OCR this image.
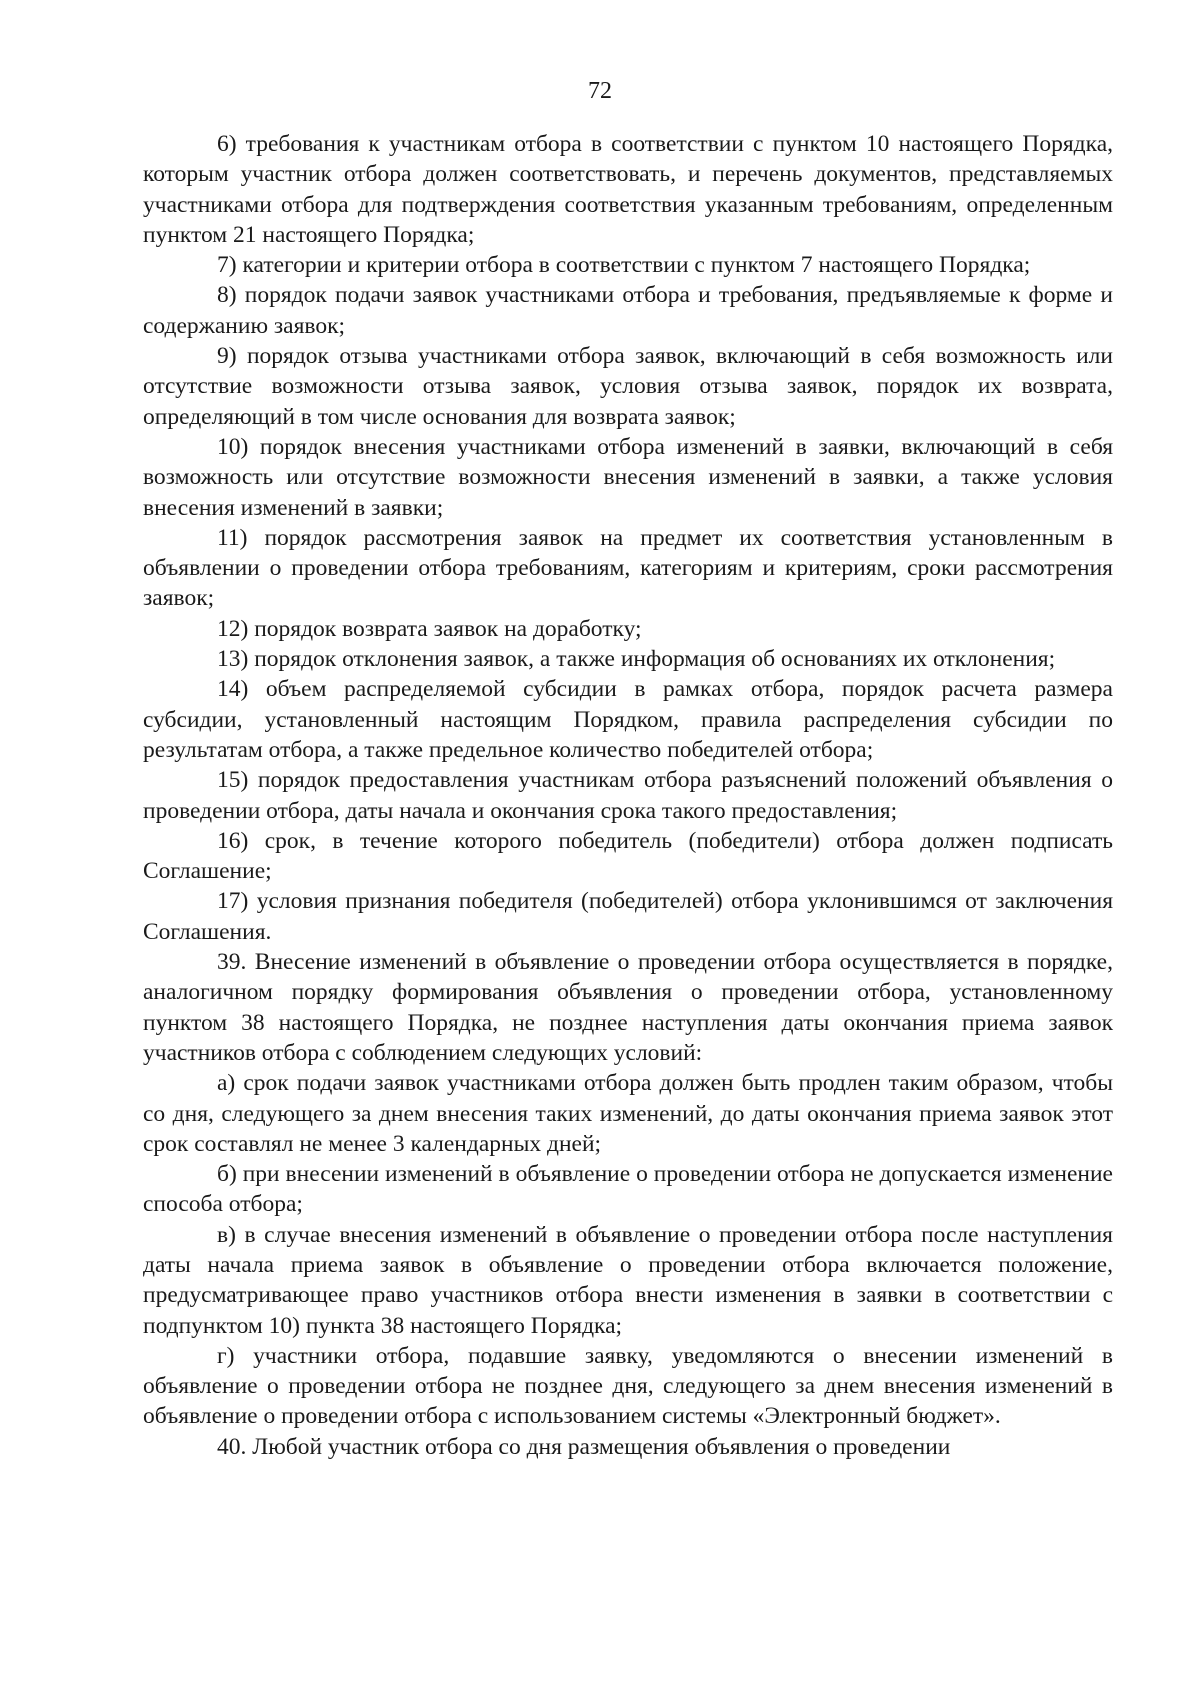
72

6) требования к участникам отбора в соответствии с пунктом 10 настоящего Порядка, которым участник отбора должен соответствовать, и перечень документов, представляемых участниками отбора для подтверждения соответствия указанным требованиям, определенным пунктом 21 настоящего Порядка;

7) категории и критерии отбора в соответствии с пунктом 7 настоящего Порядка;

8) порядок подачи заявок участниками отбора и требования, предъявляемые к форме и содержанию заявок;

9) порядок отзыва участниками отбора заявок, включающий в себя возможность или отсутствие возможности отзыва заявок, условия отзыва заявок, порядок их возврата, определяющий в том числе основания для возврата заявок;

10) порядок внесения участниками отбора изменений в заявки, включающий в себя возможность или отсутствие возможности внесения изменений в заявки, а также условия внесения изменений в заявки;

11) порядок рассмотрения заявок на предмет их соответствия установленным в объявлении о проведении отбора требованиям, категориям и критериям, сроки рассмотрения заявок;

12) порядок возврата заявок на доработку;

13) порядок отклонения заявок, а также информация об основаниях их отклонения;

14) объем распределяемой субсидии в рамках отбора, порядок расчета размера субсидии, установленный настоящим Порядком, правила распределения субсидии по результатам отбора, а также предельное количество победителей отбора;

15) порядок предоставления участникам отбора разъяснений положений объявления о проведении отбора, даты начала и окончания срока такого предоставления;

16) срок, в течение которого победитель (победители) отбора должен подписать Соглашение;

17) условия признания победителя (победителей) отбора уклонившимся от заключения Соглашения.

39. Внесение изменений в объявление о проведении отбора осуществляется в порядке, аналогичном порядку формирования объявления о проведении отбора, установленному пунктом 38 настоящего Порядка, не позднее наступления даты окончания приема заявок участников отбора с соблюдением следующих условий:

а) срок подачи заявок участниками отбора должен быть продлен таким образом, чтобы со дня, следующего за днем внесения таких изменений, до даты окончания приема заявок этот срок составлял не менее 3 календарных дней;

б) при внесении изменений в объявление о проведении отбора не допускается изменение способа отбора;

в) в случае внесения изменений в объявление о проведении отбора после наступления даты начала приема заявок в объявление о проведении отбора включается положение, предусматривающее право участников отбора внести изменения в заявки в соответствии с подпунктом 10) пункта 38 настоящего Порядка;

г) участники отбора, подавшие заявку, уведомляются о внесении изменений в объявление о проведении отбора не позднее дня, следующего за днем внесения изменений в объявление о проведении отбора с использованием системы «Электронный бюджет».

40. Любой участник отбора со дня размещения объявления о проведении
